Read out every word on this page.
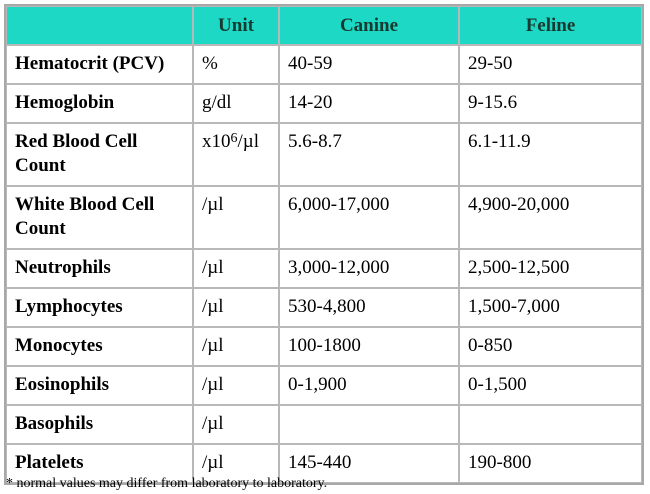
	Unit	Canine	Feline
Hematocrit (PCV)	%	40-59	29-50
Hemoglobin	g/dl	14-20	9-15.6
Red Blood Cell Count	$x10^6/\mu l$	5.6-8.7	6.1-11.9
White Blood Cell Count	/µl	6,000-17,000	4,900-20,000
Neutrophils	/µl	3,000-12,000	2,500-12,500
Lymphocytes	/µl	530-4,800	1,500-7,000
Monocytes	/µl	100-1800	0-850
Eosinophils	/µl	0-1,900	0-1,500
Basophils	/µl		
Platelets	/µl	145-440	190-800
* normal values may differ from laboratory to laboratory.
